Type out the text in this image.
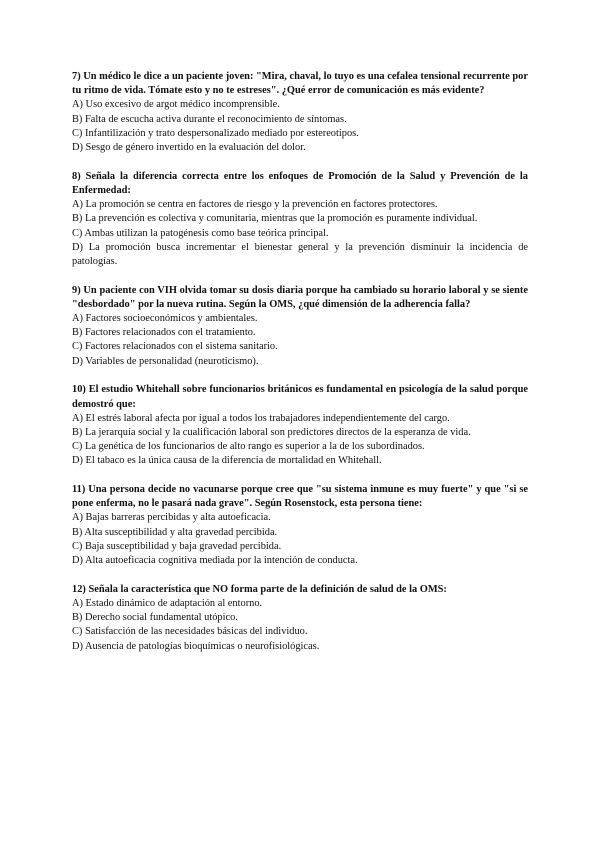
7) Un médico le dice a un paciente joven: "Mira, chaval, lo tuyo es una cefalea tensional recurrente por tu ritmo de vida. Tómate esto y no te estreses". ¿Qué error de comunicación es más evidente?

A) Uso excesivo de argot médico incomprensible.
B) Falta de escucha activa durante el reconocimiento de síntomas.
C) Infantilización y trato despersonalizado mediado por estereotipos.
D) Sesgo de género invertido en la evaluación del dolor.

8) Señala la diferencia correcta entre los enfoques de Promoción de la Salud y Prevención de la Enfermedad:

A) La promoción se centra en factores de riesgo y la prevención en factores protectores.
B) La prevención es colectiva y comunitaria, mientras que la promoción es puramente individual.
C) Ambas utilizan la patogénesis como base teórica principal.
D) La promoción busca incrementar el bienestar general y la prevención disminuir la incidencia de patologías.

9) Un paciente con VIH olvida tomar su dosis diaria porque ha cambiado su horario laboral y se siente "desbordado" por la nueva rutina. Según la OMS, ¿qué dimensión de la adherencia falla?

A) Factores socioeconómicos y ambientales.
B) Factores relacionados con el tratamiento.
C) Factores relacionados con el sistema sanitario.
D) Variables de personalidad (neuroticismo).

10) El estudio Whitehall sobre funcionarios británicos es fundamental en psicología de la salud porque demostró que:

A) El estrés laboral afecta por igual a todos los trabajadores independientemente del cargo.
B) La jerarquía social y la cualificación laboral son predictores directos de la esperanza de vida.
C) La genética de los funcionarios de alto rango es superior a la de los subordinados.
D) El tabaco es la única causa de la diferencia de mortalidad en Whitehall.

11) Una persona decide no vacunarse porque cree que "su sistema inmune es muy fuerte" y que "si se pone enferma, no le pasará nada grave". Según Rosenstock, esta persona tiene:

A) Bajas barreras percibidas y alta autoeficacia.
B) Alta susceptibilidad y alta gravedad percibida.
C) Baja susceptibilidad y baja gravedad percibida.
D) Alta autoeficacia cognitiva mediada por la intención de conducta.

12) Señala la característica que NO forma parte de la definición de salud de la OMS:

A) Estado dinámico de adaptación al entorno.
B) Derecho social fundamental utópico.
C) Satisfacción de las necesidades básicas del individuo.
D) Ausencia de patologías bioquímicas o neurofisiológicas.
